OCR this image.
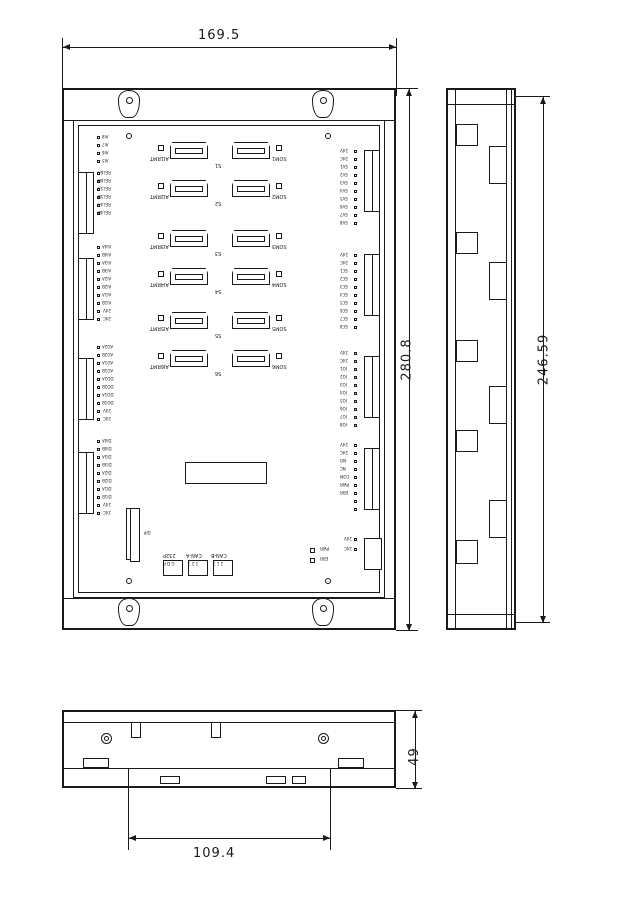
169.5
280.8
AI1RMT	SOM1
S1
AI2RMT	SOM2
S2
AI3RMT	SOM3
S3
AI4RMT	SOM4
S4
AI5RMT	SOM5
S5
AI6RMT	SOM6
S6
AI8
AI7
AI6
AI5
REL6A
REL6B
REL5A
REL5B
REL4A
REL4B
AI4A
AI4B
AI3A
AI3B
AI2A
AI2B
AI1A
AI1B
24V
24C
AO2A
AO2B
AO1A
AO1B
DO2A
DO2B
DO1A
DO1B
24V
24C
DI4A
DI4B
DI3A
DI3B
DI2A
DI2B
DI1A
DI1B
24V
24C
24V
24C
SV1
SV2
SV3
SV4
SV5
SV6
SV7
SV8
24V
24C
SC1
SC2
SC3
SC4
SC5
SC6
SC7
SC8
24V
24C
IO1
IO2
IO3
IO4
IO5
IO6
IO7
IO8
24V
24C
NO
NC
COM
PWR
ERR
24V
24C
PWR
ERR
DIP
232P CAN-A CAN-B
G D R	1 2 3	2 1 3
246.59
49
109.4
